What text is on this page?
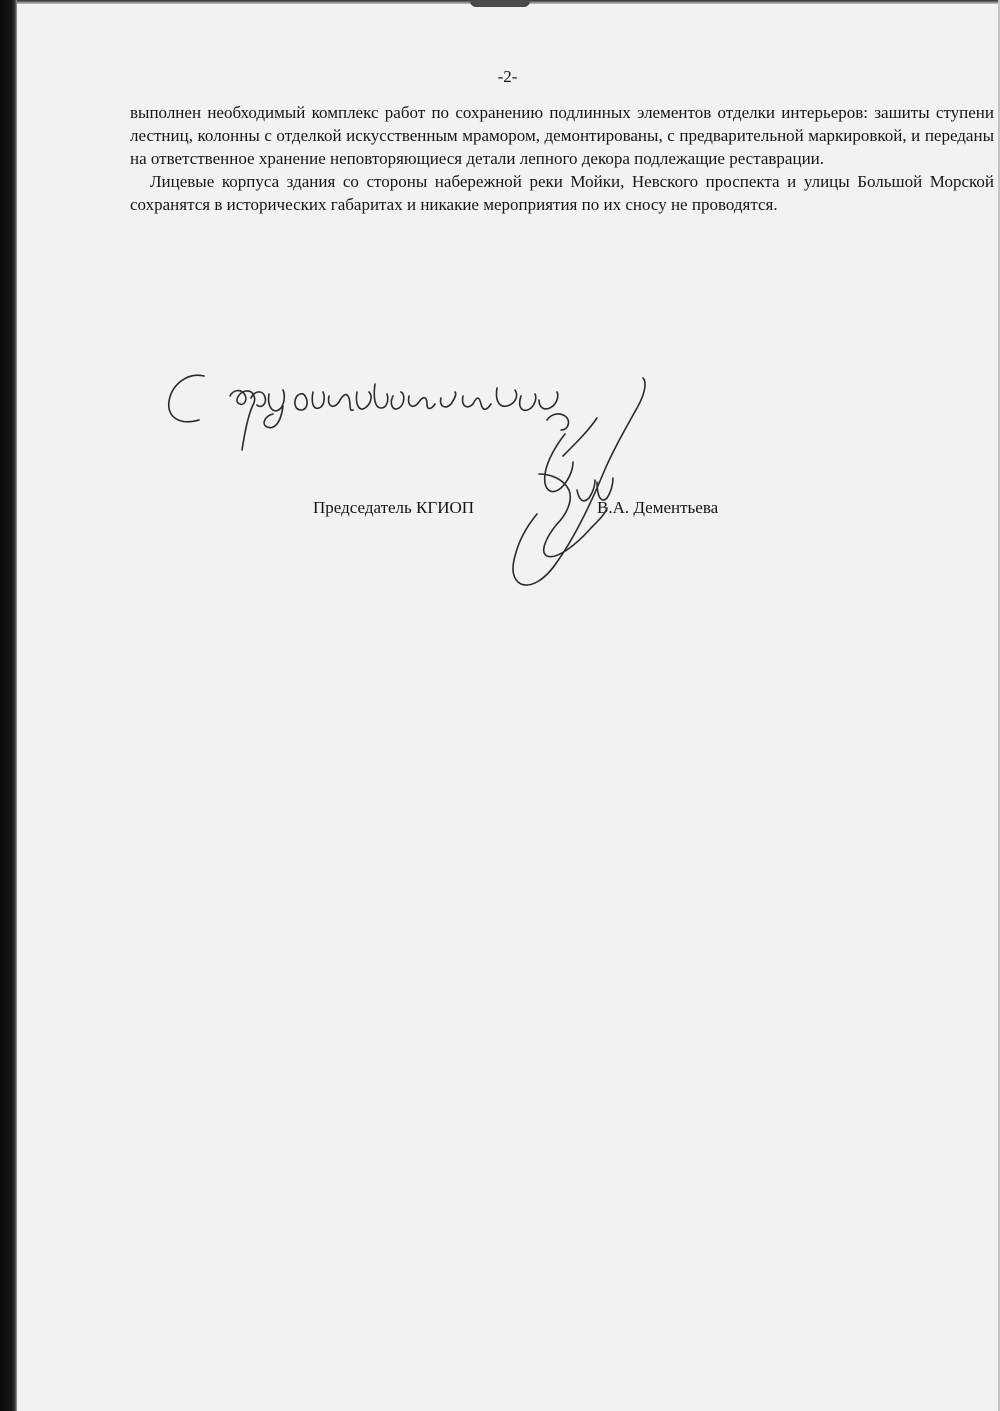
-2-

выполнен необходимый комплекс работ по сохранению подлинных элементов отделки интерьеров: зашиты ступени лестниц, колонны с отделкой искусственным мрамором, демонтированы, с предварительной маркировкой, и переданы на ответственное хранение неповторяющиеся детали лепного декора подлежащие реставрации.

Лицевые корпуса здания со стороны набережной реки Мойки, Невского проспекта и улицы Большой Морской сохранятся в исторических габаритах и никакие мероприятия по их сносу не проводятся.

Председатель КГИОП	В.А. Дементьева
